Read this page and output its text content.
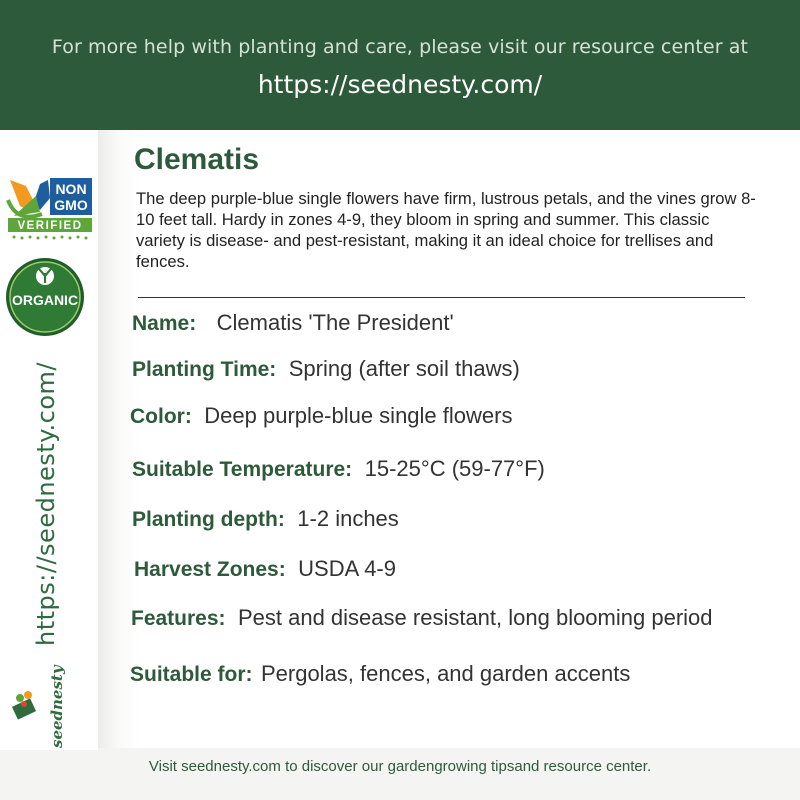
For more help with planting and care, please visit our resource center at
https://seednesty.com/
NON
GMO
VERIFIED
ORGANIC
https://seednesty.com/
seednesty
Clematis
The deep purple-blue single flowers have firm, lustrous petals, and the vines grow 8-10 feet tall. Hardy in zones 4-9, they bloom in spring and summer. This classic variety is disease- and pest-resistant, making it an ideal choice for trellises and fences.
Name: Clematis 'The President'
Planting Time: Spring (after soil thaws)
Color: Deep purple-blue single flowers
Suitable Temperature: 15-25°C (59-77°F)
Planting depth: 1-2 inches
Harvest Zones: USDA 4-9
Features: Pest and disease resistant, long blooming period
Suitable for: Pergolas, fences, and garden accents
Visit seednesty.com to discover our gardengrowing tipsand resource center.
